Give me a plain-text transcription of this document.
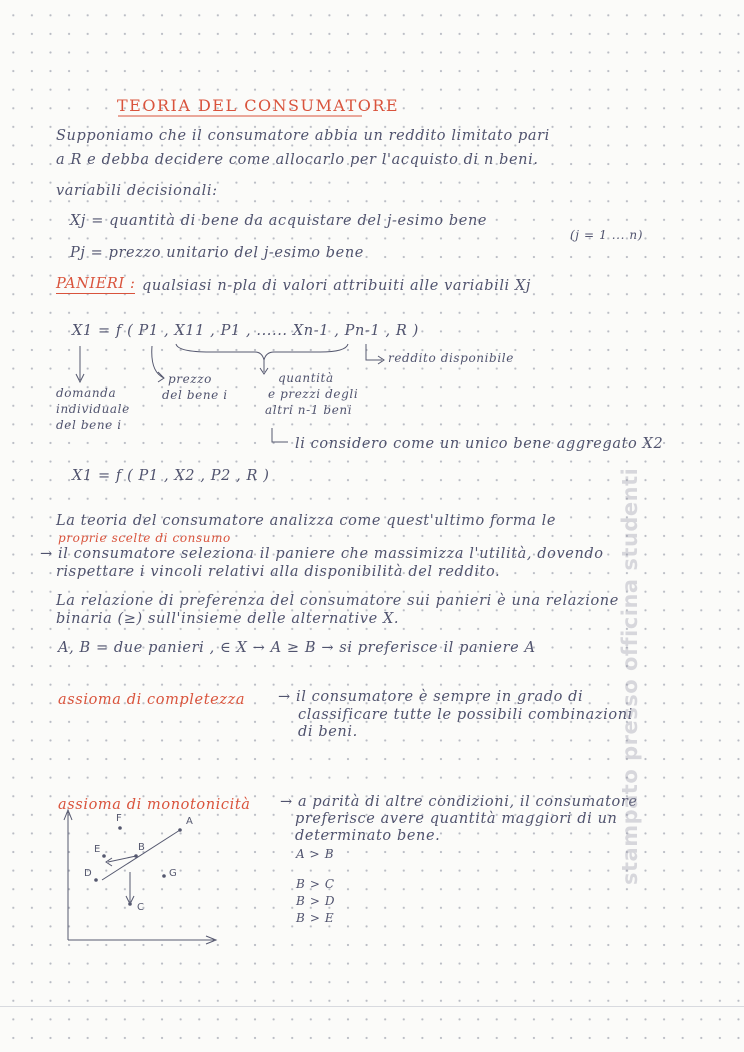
TEORIA DEL CONSUMATORE
Supponiamo che il consumatore abbia un reddito limitato pari
a R e debba decidere come allocarlo per l'acquisto di n beni.
variabili decisionali:
Xj = quantità di bene da acquistare del j-esimo bene
(j = 1 ... n)
Pj = prezzo unitario del j-esimo bene
PANIERI : qualsiasi n-pla di valori attribuiti alle variabili Xj
X1 = f ( P1 , X11 , P1 , ...... Xn-1 , Pn-1 , R )
reddito disponibile
domanda
individuale
del bene i
prezzo
del bene i
quantità
e prezzi degli
altri n-1 beni
li considero come un unico bene aggregato X2
X1 = f ( P1 , X2 , P2 , R )
La teoria del consumatore analizza come quest'ultimo forma le
proprie scelte di consumo
→ il consumatore seleziona il paniere che massimizza l'utilità, dovendo
rispettare i vincoli relativi alla disponibilità del reddito.
La relazione di preferenza del consumatore sui panieri è una relazione
binaria (≥) sull'insieme delle alternative X.
A, B = due panieri , ∈ X → A ≥ B → si preferisce il paniere A
assioma di completezza → il consumatore è sempre in grado di
classificare tutte le possibili combinazioni
di beni.
assioma di monotonicità → a parità di altre condizioni, il consumatore
preferisce avere quantità maggiori di un
determinato bene.
A > B
B > C
B > D
B > E
A
B
C
D
E
F
G	stampato presso officina studenti
